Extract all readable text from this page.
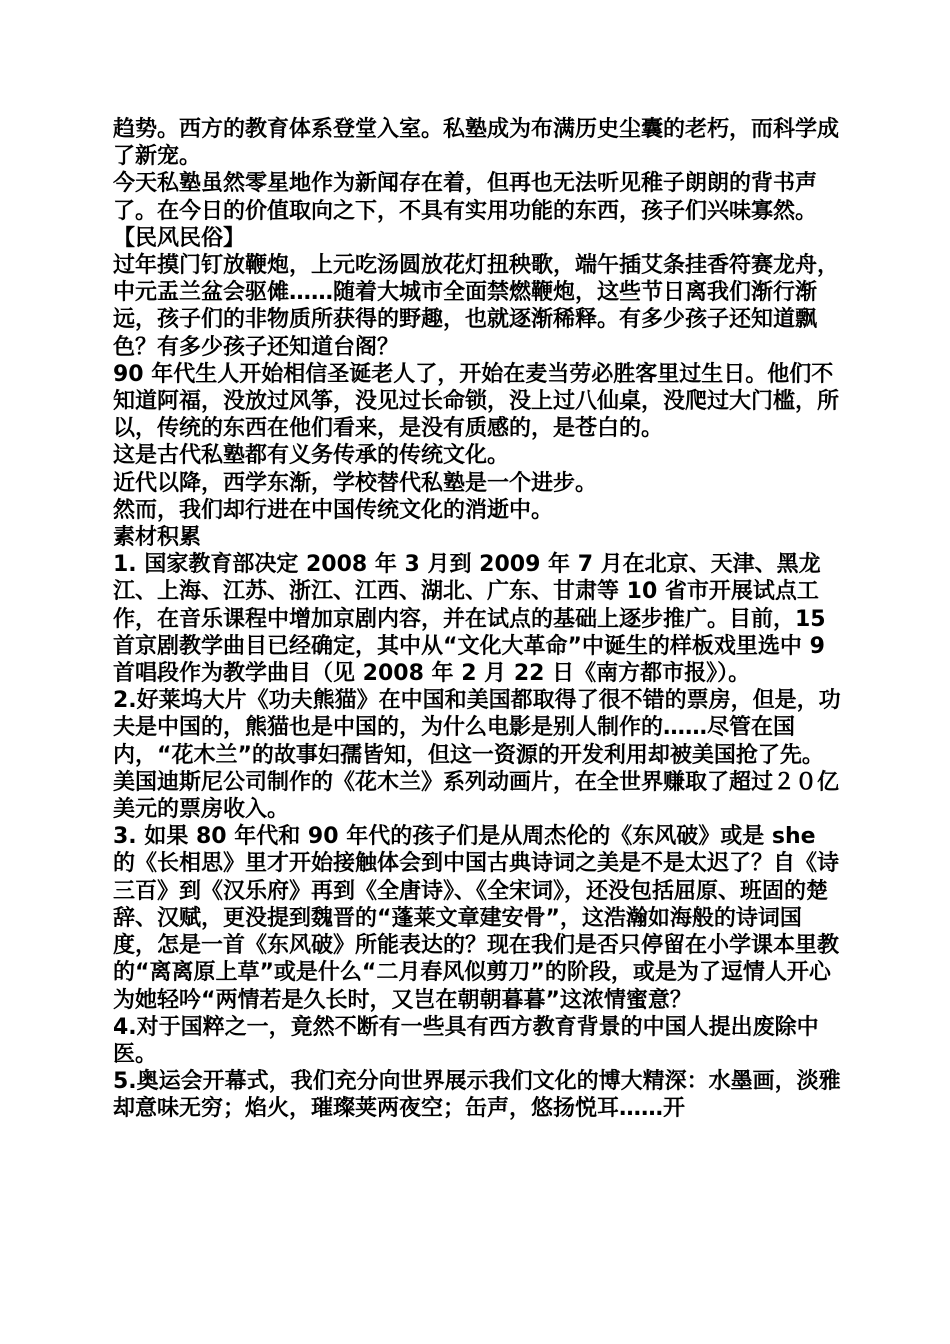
趋势。西方的教育体系登堂入室。私塾成为布满历史尘囊的老朽，而科学成了新宠。

今天私塾虽然零星地作为新闻存在着，但再也无法听见稚子朗朗的背书声了。在今日的价值取向之下，不具有实用功能的东西，孩子们兴味寡然。

【民风民俗】

过年摸门钉放鞭炮，上元吃汤圆放花灯扭秧歌，端午插艾条挂香符赛龙舟，中元盂兰盆会驱傩……随着大城市全面禁燃鞭炮，这些节日离我们渐行渐远，孩子们的非物质所获得的野趣，也就逐渐稀释。有多少孩子还知道飘色？有多少孩子还知道台阁？

90 年代生人开始相信圣诞老人了，开始在麦当劳必胜客里过生日。他们不知道阿福，没放过风筝，没见过长命锁，没上过八仙桌，没爬过大门槛，所以，传统的东西在他们看来，是没有质感的，是苍白的。

这是古代私塾都有义务传承的传统文化。

近代以降，西学东渐，学校替代私塾是一个进步。

然而，我们却行进在中国传统文化的消逝中。

素材积累

1. 国家教育部决定 2008 年 3 月到 2009 年 7 月在北京、天津、黑龙江、上海、江苏、浙江、江西、湖北、广东、甘肃等 10 省市开展试点工作，在音乐课程中增加京剧内容，并在试点的基础上逐步推广。目前，15 首京剧教学曲目已经确定，其中从“文化大革命”中诞生的样板戏里选中 9 首唱段作为教学曲目（见 2008 年 2 月 22 日《南方都市报》）。

2.好莱坞大片《功夫熊猫》在中国和美国都取得了很不错的票房，但是，功夫是中国的，熊猫也是中国的，为什么电影是别人制作的……尽管在国内，“花木兰”的故事妇孺皆知，但这一资源的开发利用却被美国抢了先。美国迪斯尼公司制作的《花木兰》系列动画片，在全世界赚取了超过２０亿美元的票房收入。

3. 如果 80 年代和 90 年代的孩子们是从周杰伦的《东风破》或是 she 的《长相思》里才开始接触体会到中国古典诗词之美是不是太迟了？自《诗三百》到《汉乐府》再到《全唐诗》、《全宋词》，还没包括屈原、班固的楚辞、汉赋，更没提到魏晋的“蓬莱文章建安骨”，这浩瀚如海般的诗词国度，怎是一首《东风破》所能表达的？现在我们是否只停留在小学课本里教的“离离原上草”或是什么“二月春风似剪刀”的阶段，或是为了逗情人开心为她轻吟“两情若是久长时，又岂在朝朝暮暮”这浓情蜜意？

4.对于国粹之一，竟然不断有一些具有西方教育背景的中国人提出废除中医。

5.奥运会开幕式，我们充分向世界展示我们文化的博大精深：水墨画，淡雅却意味无穷；焰火，璀璨荚两夜空；缶声，悠扬悦耳……开
